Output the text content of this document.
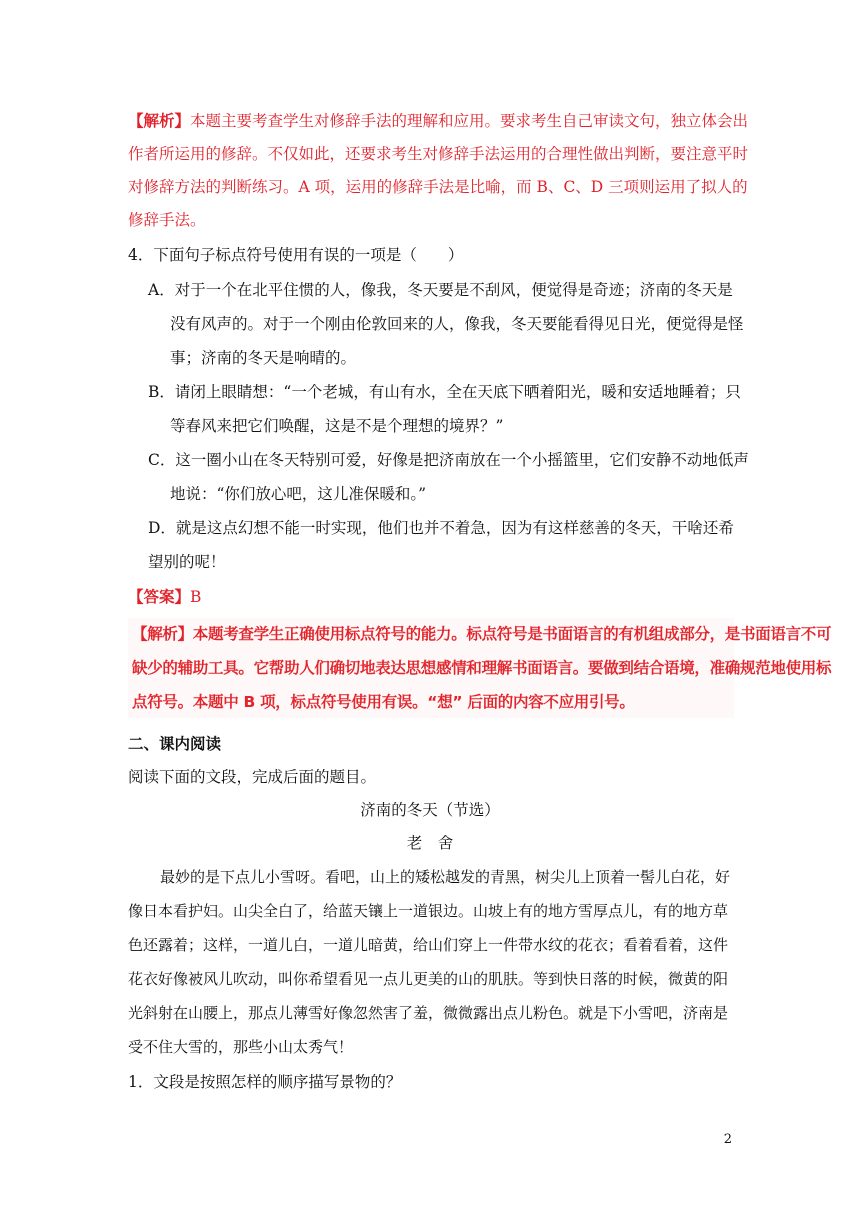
【解析】本题主要考查学生对修辞手法的理解和应用。要求考生自己审读文句，独立体会出
作者所运用的修辞。不仅如此，还要求考生对修辞手法运用的合理性做出判断，要注意平时
对修辞方法的判断练习。A 项，运用的修辞手法是比喻，而 B、C、D 三项则运用了拟人的
修辞手法。
4．下面句子标点符号使用有误的一项是（　　）
A．对于一个在北平住惯的人，像我，冬天要是不刮风，便觉得是奇迹；济南的冬天是
没有风声的。对于一个刚由伦敦回来的人，像我，冬天要能看得见日光，便觉得是怪
事；济南的冬天是响晴的。
B．请闭上眼睛想：“一个老城，有山有水，全在天底下晒着阳光，暖和安适地睡着；只
等春风来把它们唤醒，这是不是个理想的境界？”
C．这一圈小山在冬天特别可爱，好像是把济南放在一个小摇篮里，它们安静不动地低声
地说：“你们放心吧，这儿准保暖和。”
D．就是这点幻想不能一时实现，他们也并不着急，因为有这样慈善的冬天，干啥还希
望别的呢！
【答案】B
【解析】本题考查学生正确使用标点符号的能力。标点符号是书面语言的有机组成部分，是书面语言不可
缺少的辅助工具。它帮助人们确切地表达思想感情和理解书面语言。要做到结合语境，准确规范地使用标
点符号。本题中 B 项，标点符号使用有误。“想” 后面的内容不应用引号。
二、课内阅读
阅读下面的文段，完成后面的题目。
济南的冬天（节选）
老　舍
最妙的是下点儿小雪呀。看吧，山上的矮松越发的青黑，树尖儿上顶着一髻儿白花，好
像日本看护妇。山尖全白了，给蓝天镶上一道银边。山坡上有的地方雪厚点儿，有的地方草
色还露着；这样，一道儿白，一道儿暗黄，给山们穿上一件带水纹的花衣；看着看着，这件
花衣好像被风儿吹动，叫你希望看见一点儿更美的山的肌肤。等到快日落的时候，微黄的阳
光斜射在山腰上，那点儿薄雪好像忽然害了羞，微微露出点儿粉色。就是下小雪吧，济南是
受不住大雪的，那些小山太秀气！
1．文段是按照怎样的顺序描写景物的？
2
